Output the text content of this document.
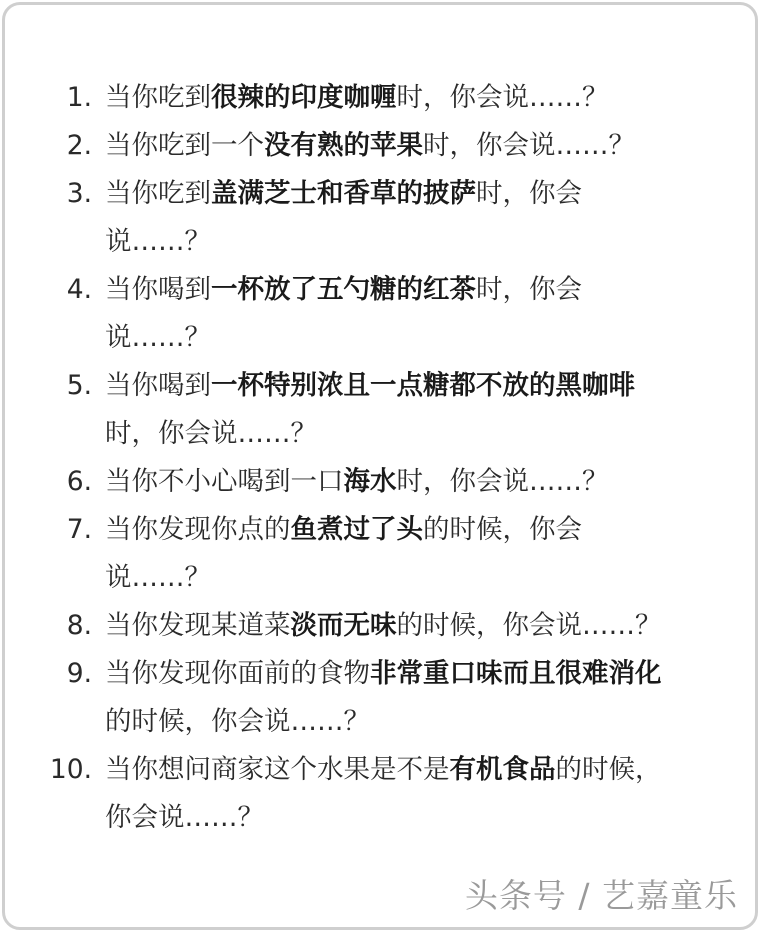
1. 当你吃到很辣的印度咖喱时，你会说……？
2. 当你吃到一个没有熟的苹果时，你会说……？
3. 当你吃到盖满芝士和香草的披萨时，你会
说……？
4. 当你喝到一杯放了五勺糖的红茶时，你会
说……？
5. 当你喝到一杯特别浓且一点糖都不放的黑咖啡
时，你会说……？
6. 当你不小心喝到一口海水时，你会说……？
7. 当你发现你点的鱼煮过了头的时候，你会
说……？
8. 当你发现某道菜淡而无味的时候，你会说……？
9. 当你发现你面前的食物非常重口味而且很难消化
的时候，你会说……？
10. 当你想问商家这个水果是不是有机食品的时候，
你会说……？
头条号 / 艺嘉童乐
